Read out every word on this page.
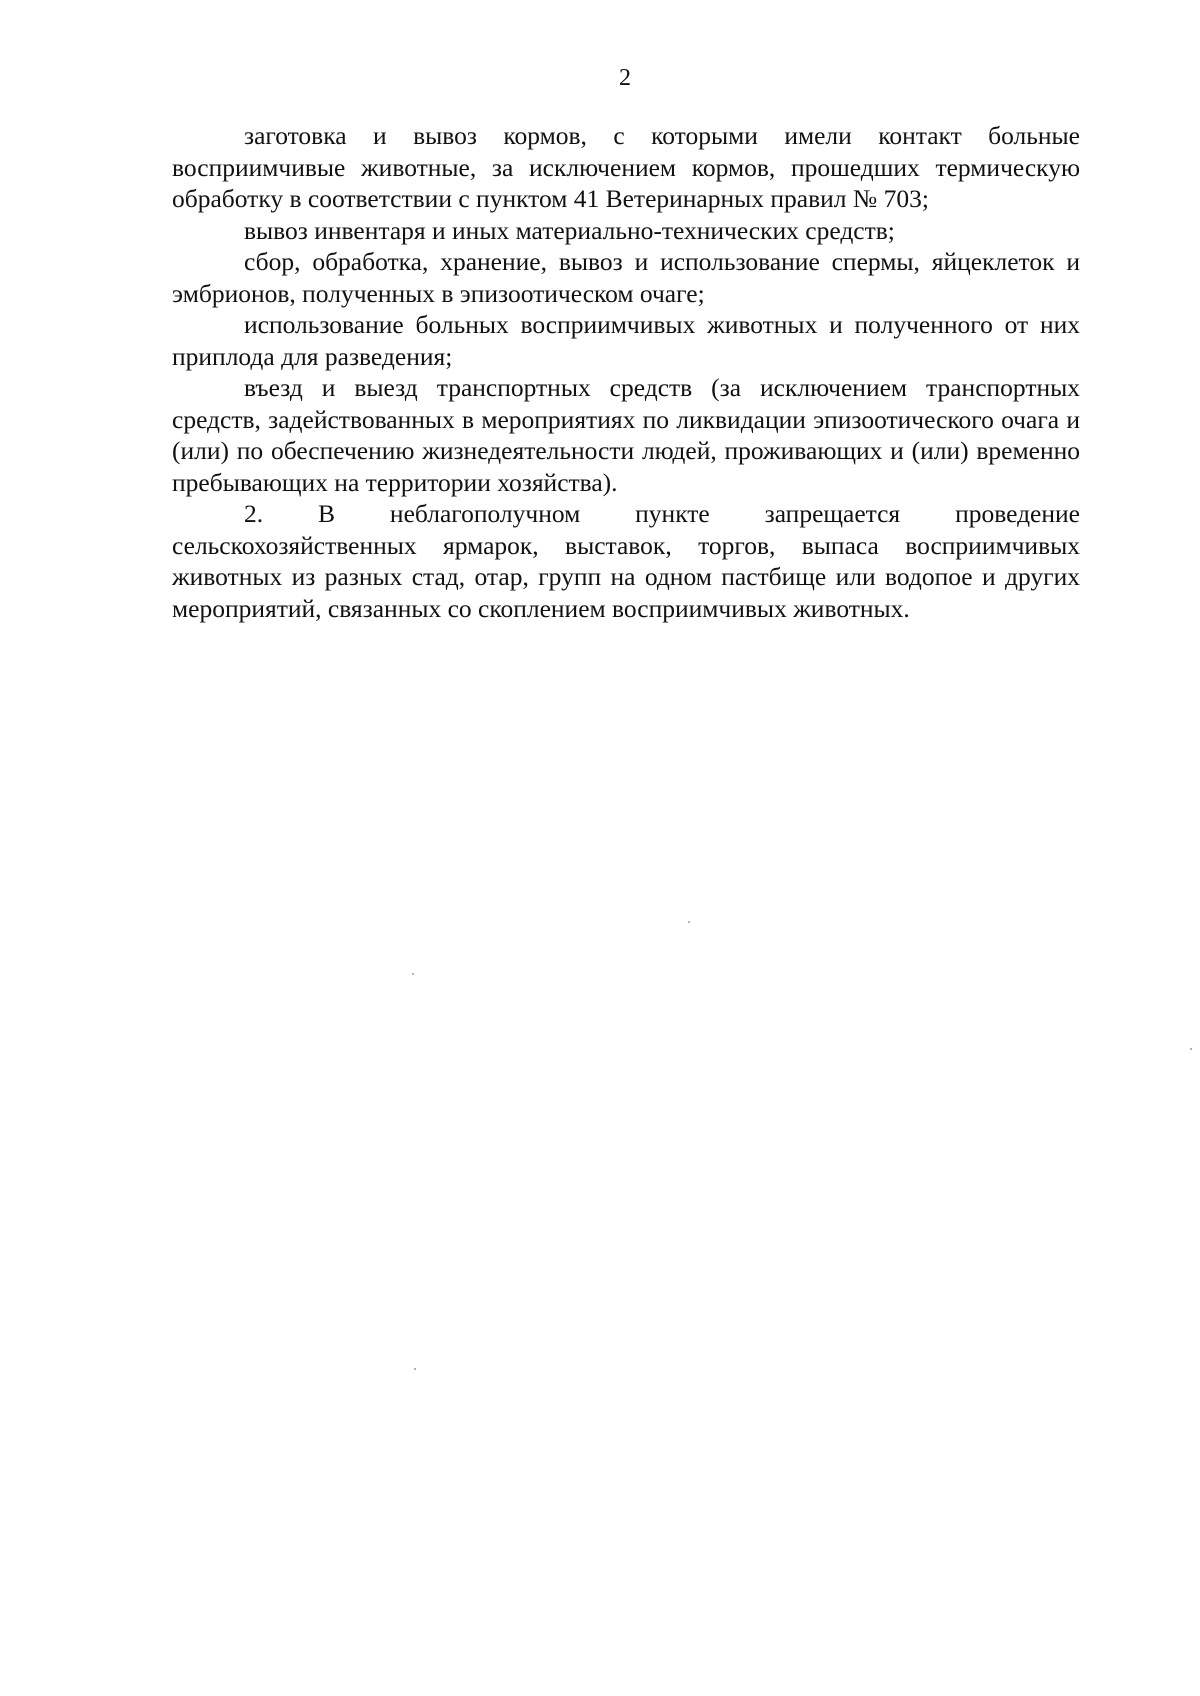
2

заготовка и вывоз кормов, с которыми имели контакт больные восприимчивые животные, за исключением кормов, прошедших термическую обработку в соответствии с пунктом 41 Ветеринарных правил № 703;

вывоз инвентаря и иных материально-технических средств;

сбор, обработка, хранение, вывоз и использование спермы, яйцеклеток и эмбрионов, полученных в эпизоотическом очаге;

использование больных восприимчивых животных и полученного от них приплода для разведения;

въезд и выезд транспортных средств (за исключением транспортных средств, задействованных в мероприятиях по ликвидации эпизоотического очага и (или) по обеспечению жизнедеятельности людей, проживающих и (или) временно пребывающих на территории хозяйства).

2. В неблагополучном пункте запрещается проведение сельскохозяйственных ярмарок, выставок, торгов, выпаса восприимчивых животных из разных стад, отар, групп на одном пастбище или водопое и других мероприятий, связанных со скоплением восприимчивых животных.
